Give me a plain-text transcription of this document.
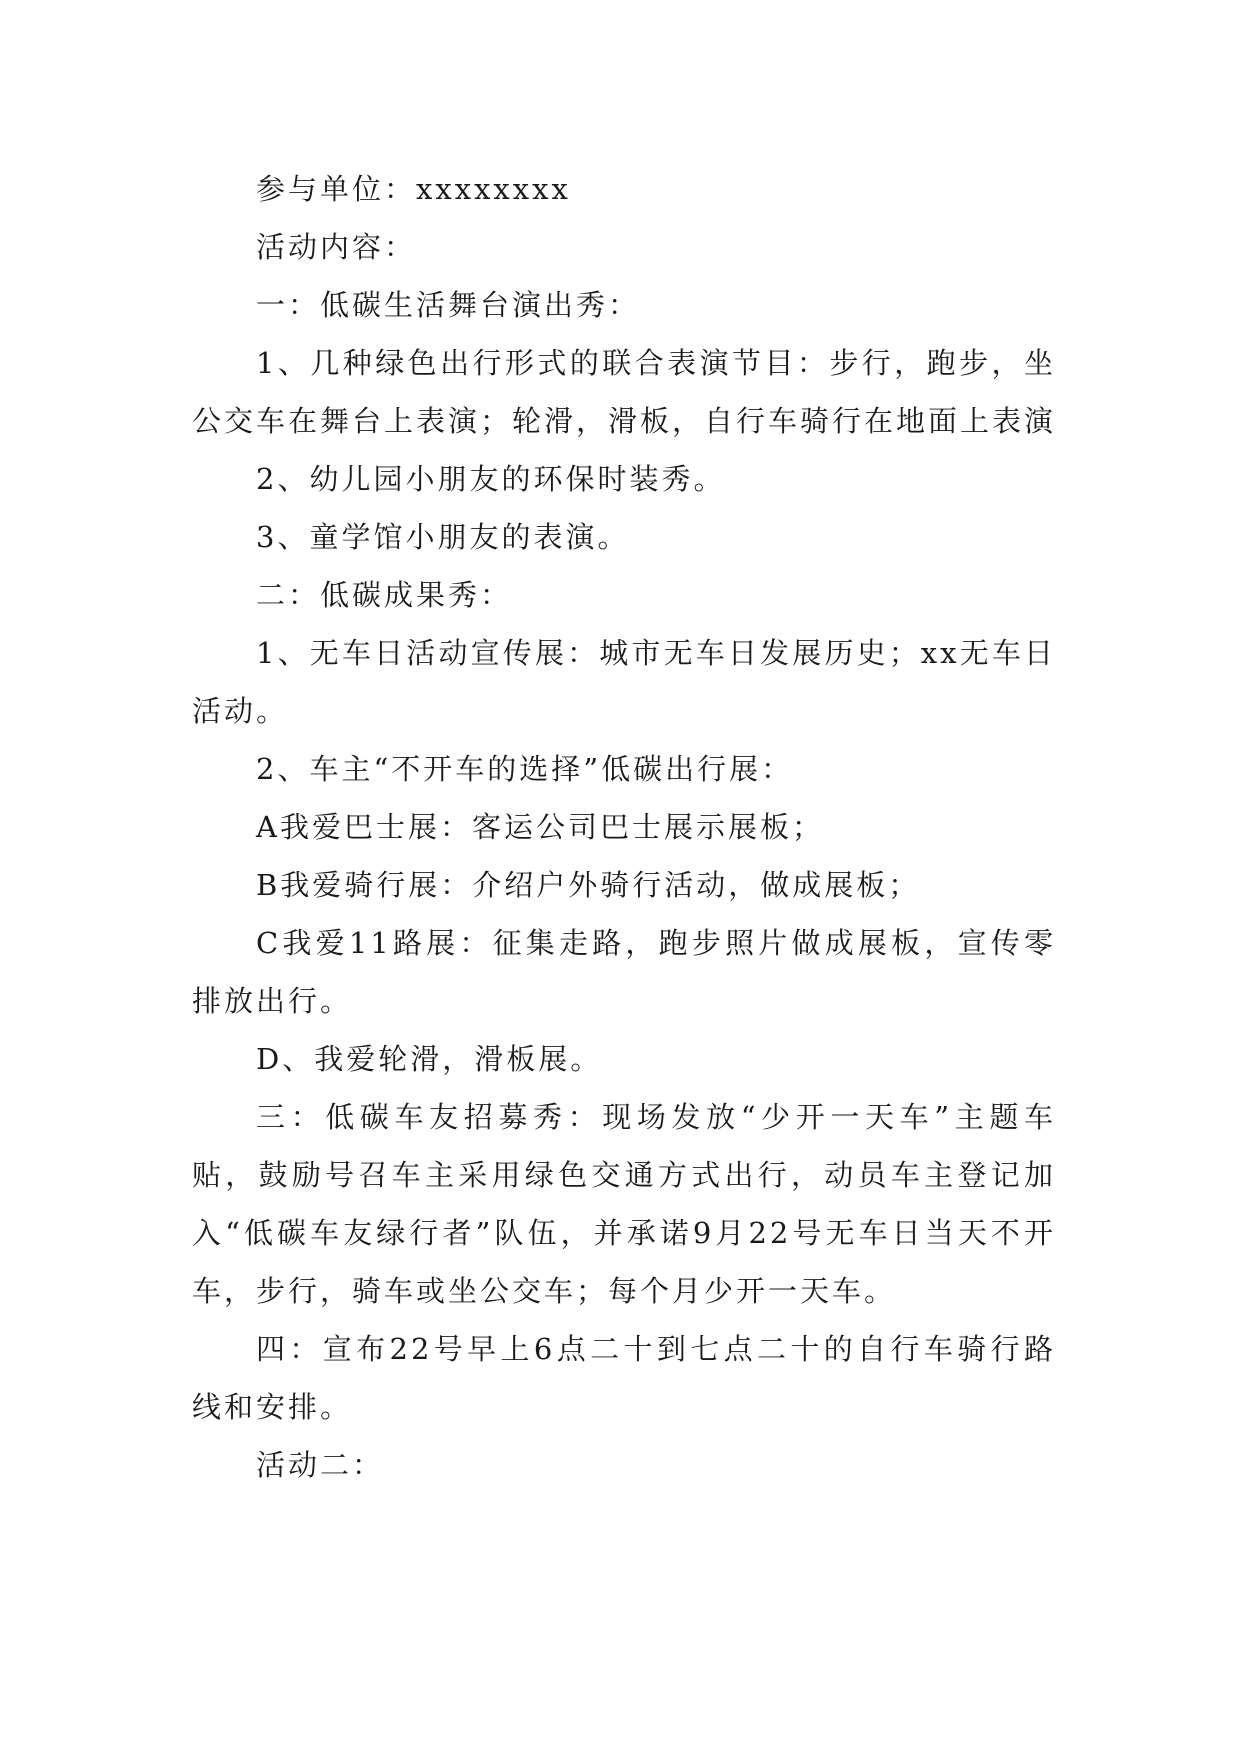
参与单位：xxxxxxxx

活动内容：

一：低碳生活舞台演出秀：

1、几种绿色出行形式的联合表演节目：步行，跑步，坐公交车在舞台上表演；轮滑，滑板，自行车骑行在地面上表演

2、幼儿园小朋友的环保时装秀。

3、童学馆小朋友的表演。

二：低碳成果秀：

1、无车日活动宣传展：城市无车日发展历史；xx无车日活动。

2、车主“不开车的选择”低碳出行展：

A我爱巴士展：客运公司巴士展示展板；

B我爱骑行展：介绍户外骑行活动，做成展板；

C我爱11路展：征集走路，跑步照片做成展板，宣传零排放出行。

D、我爱轮滑，滑板展。

三：低碳车友招募秀：现场发放“少开一天车”主题车贴，鼓励号召车主采用绿色交通方式出行，动员车主登记加入“低碳车友绿行者”队伍，并承诺9月22号无车日当天不开车，步行，骑车或坐公交车；每个月少开一天车。

四：宣布22号早上6点二十到七点二十的自行车骑行路线和安排。

活动二：
